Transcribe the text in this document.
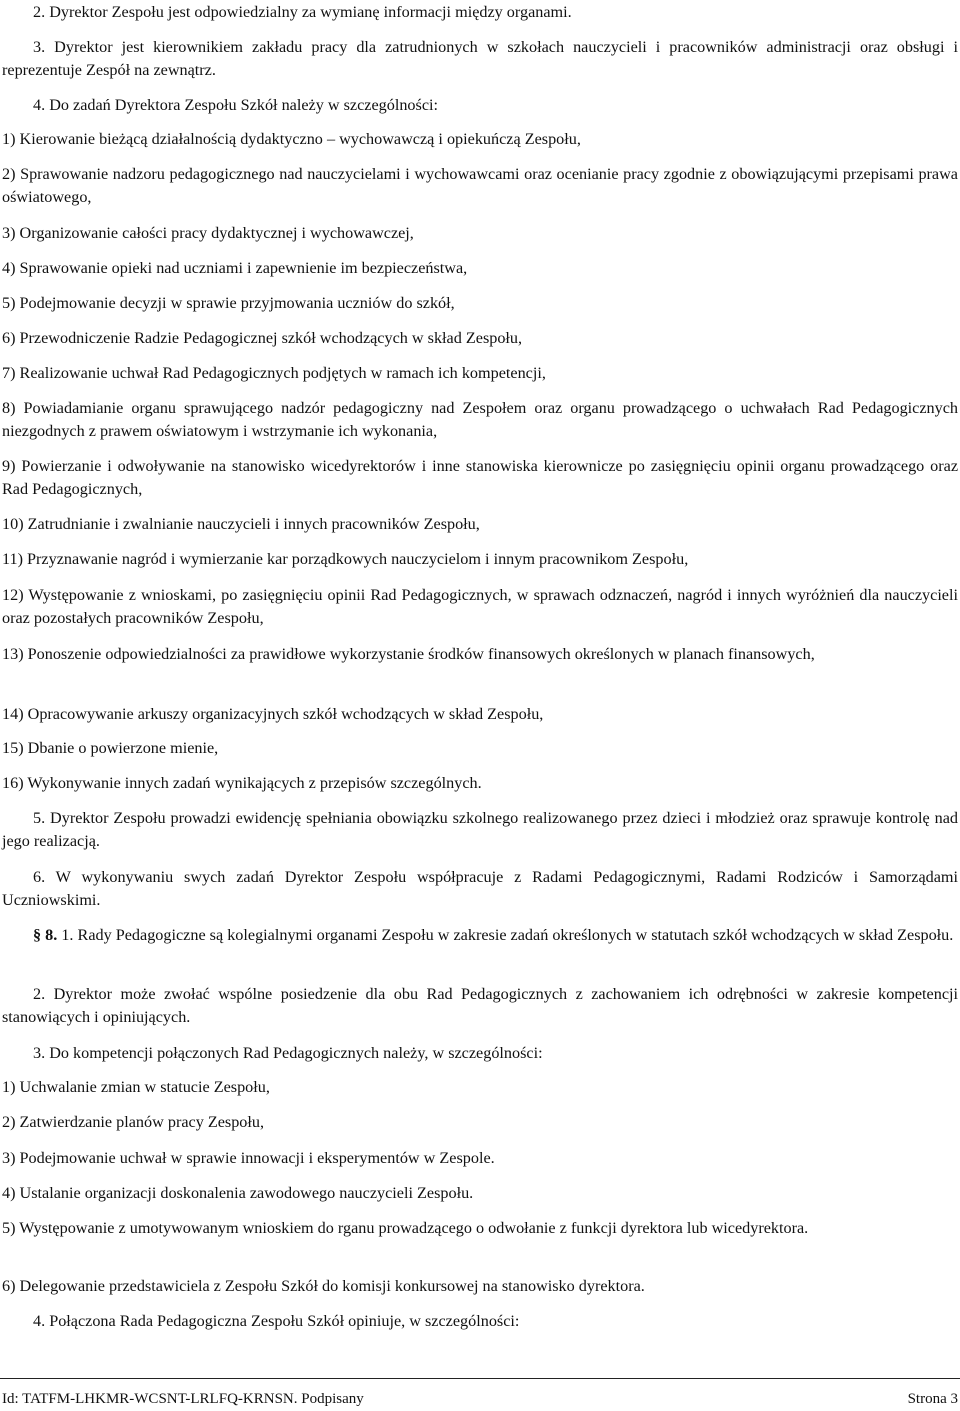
2. Dyrektor Zespołu jest odpowiedzialny za wymianę informacji między organami.
3. Dyrektor jest kierownikiem zakładu pracy dla zatrudnionych w szkołach nauczycieli i pracowników administracji oraz obsługi i reprezentuje Zespół na zewnątrz.
4. Do zadań Dyrektora Zespołu Szkół należy w szczególności:
1) Kierowanie bieżącą działalnością dydaktyczno – wychowawczą i opiekuńczą Zespołu,
2) Sprawowanie nadzoru pedagogicznego nad nauczycielami i wychowawcami oraz ocenianie pracy zgodnie z obowiązującymi przepisami prawa oświatowego,
3) Organizowanie całości pracy dydaktycznej i wychowawczej,
4) Sprawowanie opieki nad uczniami i zapewnienie im bezpieczeństwa,
5) Podejmowanie decyzji w sprawie przyjmowania uczniów do szkół,
6) Przewodniczenie Radzie Pedagogicznej szkół wchodzących w skład Zespołu,
7) Realizowanie uchwał Rad Pedagogicznych podjętych w ramach ich kompetencji,
8) Powiadamianie organu sprawującego nadzór pedagogiczny nad Zespołem oraz organu prowadzącego o uchwałach Rad Pedagogicznych niezgodnych z prawem oświatowym i wstrzymanie ich wykonania,
9) Powierzanie i odwoływanie na stanowisko wicedyrektorów i inne stanowiska kierownicze po zasięgnięciu opinii organu prowadzącego oraz Rad Pedagogicznych,
10) Zatrudnianie i zwalnianie nauczycieli i innych pracowników Zespołu,
11) Przyznawanie nagród i wymierzanie kar porządkowych nauczycielom i innym pracownikom Zespołu,
12) Występowanie z wnioskami, po zasięgnięciu opinii Rad Pedagogicznych, w sprawach odznaczeń, nagród i innych wyróżnień dla nauczycieli oraz pozostałych pracowników Zespołu,
13) Ponoszenie odpowiedzialności za prawidłowe wykorzystanie środków finansowych określonych w planach finansowych,
14) Opracowywanie arkuszy organizacyjnych szkół wchodzących w skład Zespołu,
15) Dbanie o powierzone mienie,
16) Wykonywanie innych zadań wynikających z przepisów szczególnych.
5. Dyrektor Zespołu prowadzi ewidencję spełniania obowiązku szkolnego realizowanego przez dzieci i młodzież oraz sprawuje kontrolę nad jego realizacją.
6. W wykonywaniu swych zadań Dyrektor Zespołu współpracuje z Radami Pedagogicznymi, Radami Rodziców i Samorządami Uczniowskimi.
§ 8. 1. Rady Pedagogiczne są kolegialnymi organami Zespołu w zakresie zadań określonych w statutach szkół wchodzących w skład Zespołu.
2. Dyrektor może zwołać wspólne posiedzenie dla obu Rad Pedagogicznych z zachowaniem ich odrębności w zakresie kompetencji stanowiących i opiniujących.
3. Do kompetencji połączonych Rad Pedagogicznych należy, w szczególności:
1) Uchwalanie zmian w statucie Zespołu,
2) Zatwierdzanie planów pracy Zespołu,
3) Podejmowanie uchwał w sprawie innowacji i eksperymentów w Zespole.
4) Ustalanie organizacji doskonalenia zawodowego nauczycieli Zespołu.
5) Występowanie z umotywowanym wnioskiem do rganu prowadzącego o odwołanie z funkcji dyrektora lub wicedyrektora.
6) Delegowanie przedstawiciela z Zespołu Szkół do komisji konkursowej na stanowisko dyrektora.
4. Połączona Rada Pedagogiczna Zespołu Szkół opiniuje, w szczególności:
Id: TATFM-LHKMR-WCSNT-LRLFQ-KRNSN. Podpisany	Strona 3
